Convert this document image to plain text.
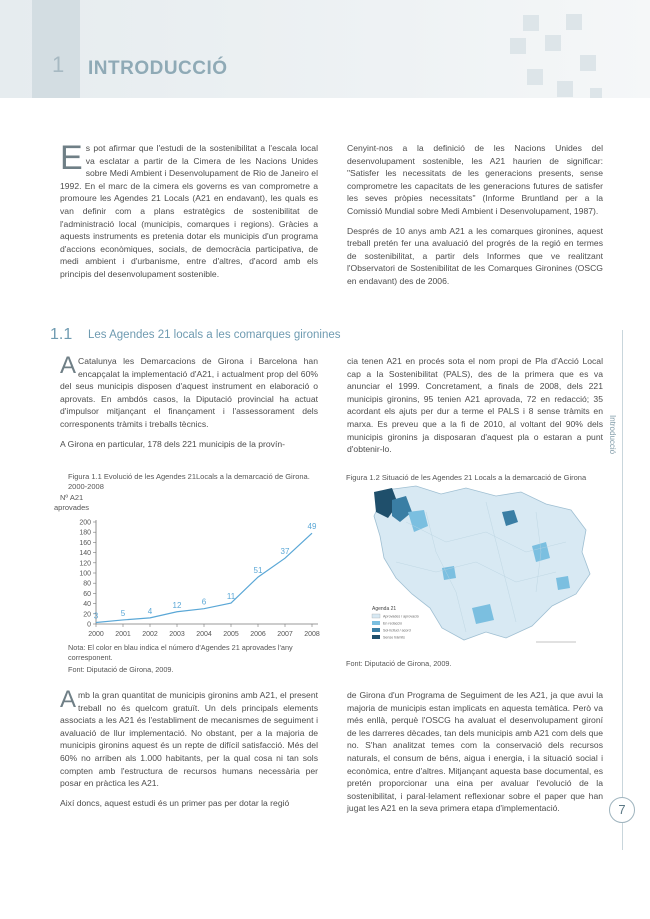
1 INTRODUCCIÓ
Introducció
7

Es pot afirmar que l'estudi de la sostenibilitat a l'escala local va esclatar a partir de la Cimera de les Nacions Unides sobre Medi Ambient i Desenvolupament de Rio de Janeiro el 1992. En el marc de la cimera els governs es van comprometre a promoure les Agendes 21 Locals (A21 en endavant), les quals es van definir com a plans estratègics de sostenibilitat de l'administració local (municipis, comarques i regions). Gràcies a aquests instruments es pretenia dotar els municipis d'un programa d'accions econòmiques, socials, de democràcia participativa, de medi ambient i d'urbanisme, entre d'altres, d'acord amb els principis del desenvolupament sostenible.

Cenyint-nos a la definició de les Nacions Unides del desenvolupament sostenible, les A21 haurien de significar: "Satisfer les necessitats de les generacions presents, sense comprometre les capacitats de les generacions futures de satisfer les seves pròpies necessitats" (Informe Bruntland per a la Comissió Mundial sobre Medi Ambient i Desenvolupament, 1987).

Després de 10 anys amb A21 a les comarques gironines, aquest treball pretén fer una avaluació del progrés de la regió en termes de sostenibilitat, a partir dels Informes que ve realitzant l'Observatori de Sostenibilitat de les Comarques Gironines (OSCG en endavant) des de 2006.

1.1 Les Agendes 21 locals a les comarques gironines

A Catalunya les Demarcacions de Girona i Barcelona han encapçalat la implementació d'A21, i actualment prop del 60% del seus municipis disposen d'aquest instrument en elaboració o aprovats. En ambdós casos, la Diputació provincial ha actuat d'impulsor mitjançant el finançament i l'assessorament dels corresponents tràmits i treballs tècnics.

A Girona en particular, 178 dels 221 municipis de la provín-

cia tenen A21 en procés sota el nom propi de Pla d'Acció Local cap a la Sostenibilitat (PALS), des de la primera que es va anunciar el 1999. Concretament, a finals de 2008, dels 221 municipis gironins, 95 tenien A21 aprovada, 72 en redacció; 35 acordant els ajuts per dur a terme el PALS i 8 sense tràmits en marxa. Es preveu que a la fi de 2010, al voltant del 90% dels municipis gironins ja disposaran d'aquest pla o estaran a punt d'obtenir-lo.

Figura 1.1 Evolució de les Agendes 21Locals a la demarcació de Girona. 2000-2008
Nº A21
aprovades
0
20
40
60
80
100
120
140
160
180
200
2000 2001 2002 2003 2004 2005 2006 2007 2008
3	5	4
12	6
11
51
37
49
Nota: El color en blau indica el número d'Agendes 21 aprovades l'any corresponent.
Font: Diputació de Girona, 2009.
Figura 1.2 Situació de les Agendes 21 Locals a la demarcació de Girona
Agenda 21
Aprovades / aprovació
En redacció
Sol·licitud / acord
Sense tràmits
Font: Diputació de Girona, 2009.

Amb la gran quantitat de municipis gironins amb A21, el present treball no és quelcom gratuït. Un dels principals elements associats a les A21 és l'establiment de mecanismes de seguiment i avaluació de llur implementació. No obstant, per a la majoria de municipis gironins aquest és un repte de difícil satisfacció. Més del 60% no arriben als 1.000 habitants, per la qual cosa ni tan sols compten amb l'estructura de recursos humans necessària per posar en pràctica les A21.

Així doncs, aquest estudi és un primer pas per dotar la regió

de Girona d'un Programa de Seguiment de les A21, ja que avui la majoria de municipis estan implicats en aquesta temàtica. Però va més enllà, perquè l'OSCG ha avaluat el desenvolupament gironí de les darreres dècades, tan dels municipis amb A21 com dels que no. S'han analitzat temes com la conservació dels recursos naturals, el consum de béns, aigua i energia, i la situació social i econòmica, entre d'altres. Mitjançant aquesta base documental, es pretén proporcionar una eina per avaluar l'evolució de la sostenibilitat, i paral·lelament reflexionar sobre el paper que han jugat les A21 en la seva primera etapa d'implementació.
